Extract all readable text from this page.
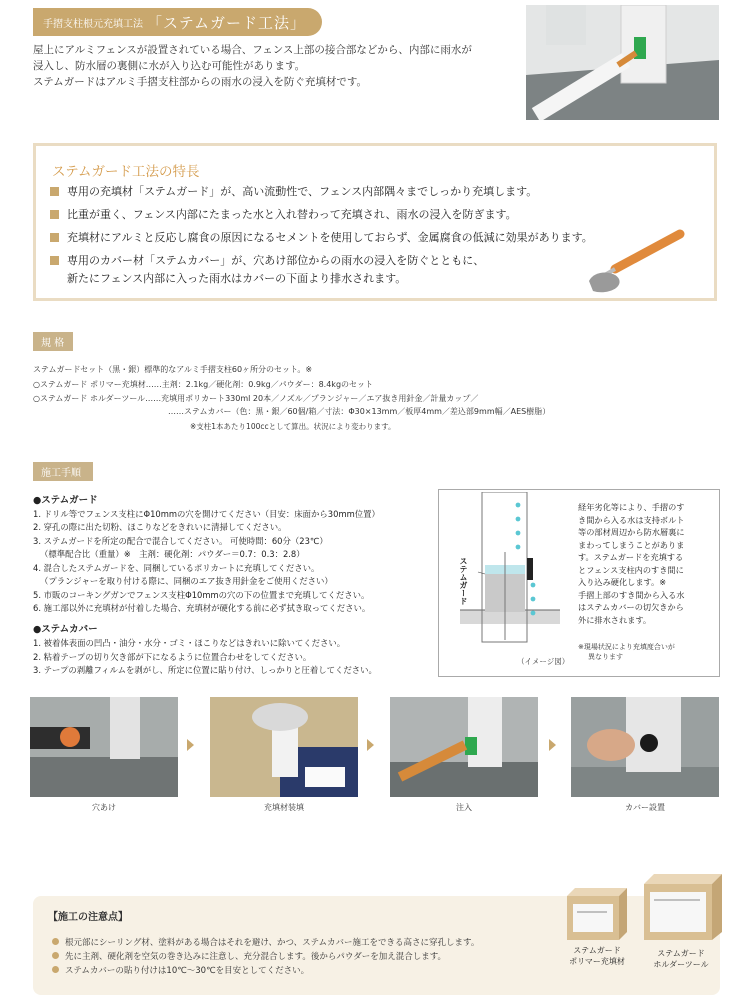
手摺支柱根元充填工法 「ステムガード工法」
屋上にアルミフェンスが設置されている場合、フェンス上部の接合部などから、内部に雨水が
浸入し、防水層の裏側に水が入り込む可能性があります。
ステムガードはアルミ手摺支柱部からの雨水の浸入を防ぐ充填材です。
ステムガード工法の特長
専用の充填材「ステムガード」が、高い流動性で、フェンス内部隅々までしっかり充填します。
比重が重く、フェンス内部にたまった水と入れ替わって充填され、雨水の浸入を防ぎます。
充填材にアルミと反応し腐食の原因になるセメントを使用しておらず、金属腐食の低減に効果があります。
専用のカバー材「ステムカバー」が、穴あけ部位からの雨水の浸入を防ぐとともに、
新たにフェンス内部に入った雨水はカバーの下面より排水されます。
規 格
ステムガードセット（黒・銀）標準的なアルミ手摺支柱60ヶ所分のセット。※
○ステムガード ポリマー充填材……主剤：2.1kg／硬化剤：0.9kg／パウダー：8.4kgのセット
○ステムガード ホルダーツール……充填用ポリカート330ml 20本／ノズル／プランジャー／エア抜き用針金／計量カップ／
……ステムカバー（色：黒・銀／60個/箱／寸法：Φ30×13mm／板厚4mm／差込部9mm幅／AES樹脂）
※支柱1本あたり100ccとして算出。状況により変わります。
施工手順
●ステムガード
1. ドリル等でフェンス支柱にΦ10mmの穴を開けてください（目安：床面から30mm位置）
2. 穿孔の際に出た切粉、ほこりなどをきれいに清掃してください。
3. ステムガードを所定の配合で混合してください。 可使時間：60分（23℃）
（標準配合比（重量）※　主剤：硬化剤：パウダー＝0.7：0.3：2.8）
4. 混合したステムガードを、同梱しているポリカートに充填してください。
（プランジャーを取り付ける際に、同梱のエア抜き用針金をご使用ください）
5. 市販のコーキングガンでフェンス支柱Φ10mmの穴の下の位置まで充填してください。
6. 施工部以外に充填材が付着した場合、充填材が硬化する前に必ず拭き取ってください。
●ステムカバー
1. 被着体表面の凹凸・油分・水分・ゴミ・ほこりなどはきれいに除いてください。
2. 粘着テープの切り欠き部が下になるように位置合わせをしてください。
3. テープの剥離フィルムを剥がし、所定に位置に貼り付け、しっかりと圧着してください。
ステムガード
（イメージ図）
経年劣化等により、手摺のす
き間から入る水は支持ボルト
等の部材周辺から防水層裏に
まわってしまうことがありま
す。ステムガードを充填する
とフェンス支柱内のすき間に
入り込み硬化します。※
手摺上部のすき間から入る水
はステムカバーの切欠きから
外に排水されます。
※現場状況により充填度合いが
異なります
穴あけ	充填材装填	注入	カバー設置
【施工の注意点】
根元部にシーリング材、塗料がある場合はそれを避け、かつ、ステムカバー施工をできる高さに穿孔します。
先に主剤、硬化剤を空気の巻き込みに注意し、充分混合します。後からパウダーを加え混合します。
ステムカバーの貼り付けは10℃～30℃を目安としてください。
ステムガード
ポリマー充填材
ステムガード
ホルダーツール
